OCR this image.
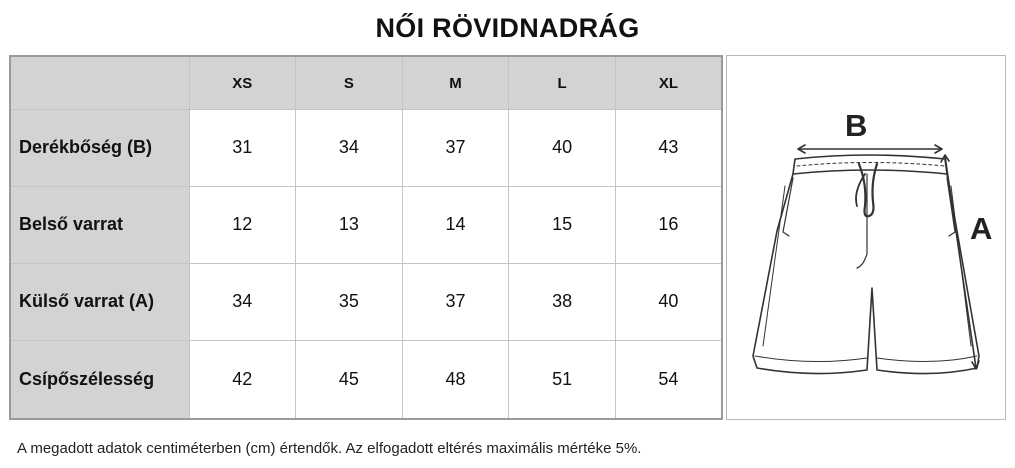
NŐI RÖVIDNADRÁG
	XS	S	M	L	XL
Derékbőség (B)	31	34	37	40	43
Belső varrat	12	13	14	15	16
Külső varrat (A)	34	35	37	38	40
Csípőszélesség	42	45	48	51	54
B
A
A megadott adatok centiméterben (cm) értendők. Az elfogadott eltérés maximális mértéke 5%.
